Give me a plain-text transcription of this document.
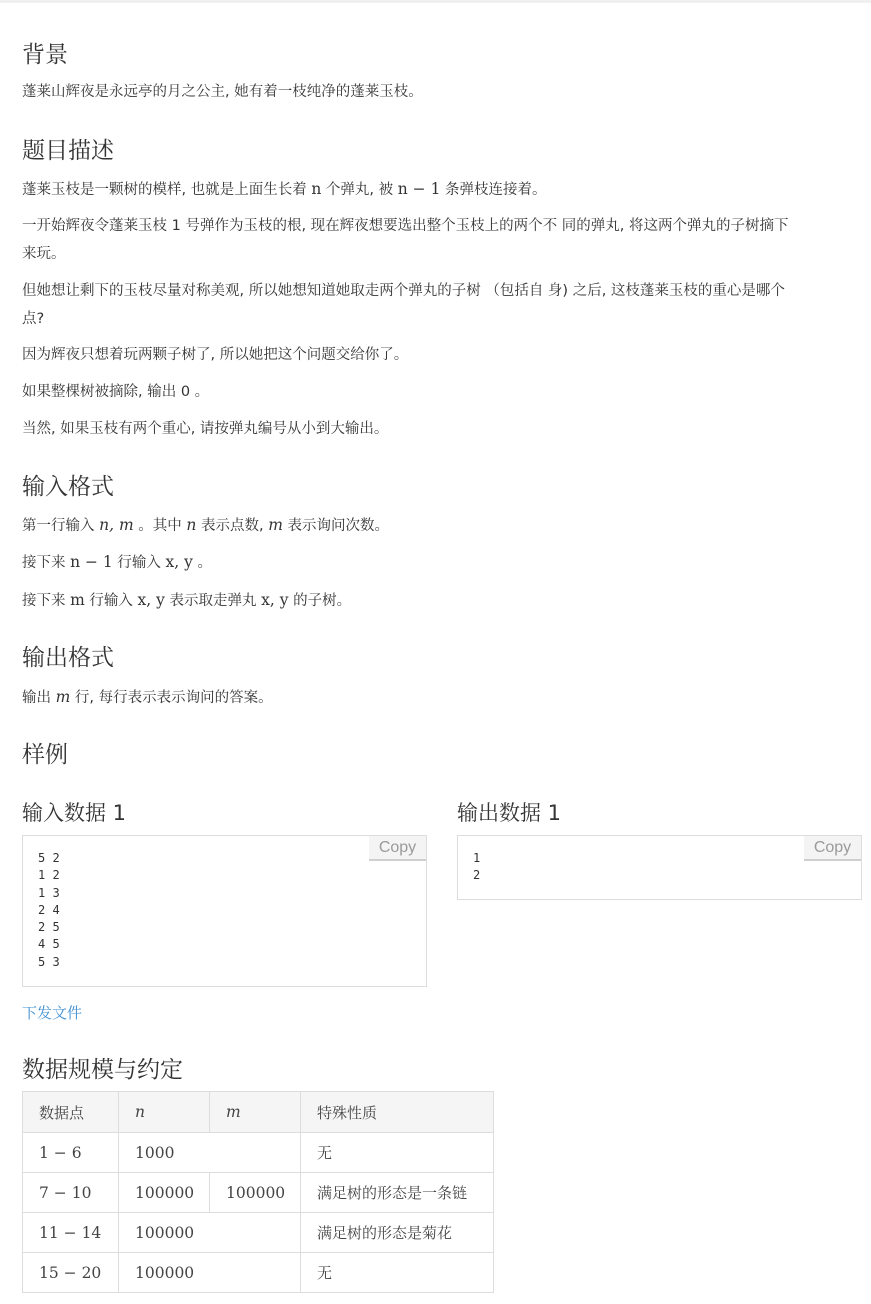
背景

蓬莱山辉夜是永远亭的月之公主, 她有着一枝纯净的蓬莱玉枝。

题目描述

蓬莱玉枝是一颗树的模样, 也就是上面生长着 n 个弹丸, 被 n − 1 条弹枝连接着。

一开始辉夜令蓬莱玉枝 1 号弹作为玉枝的根, 现在辉夜想要选出整个玉枝上的两个不 同的弹丸, 将这两个弹丸的子树摘下

来玩。

但她想让剩下的玉枝尽量对称美观, 所以她想知道她取走两个弹丸的子树 （包括自 身) 之后, 这枝蓬莱玉枝的重心是哪个

点?

因为辉夜只想着玩两颗子树了, 所以她把这个问题交给你了。

如果整棵树被摘除, 输出 0 。

当然, 如果玉枝有两个重心, 请按弹丸编号从小到大输出。

输入格式

第一行输入 n, m 。其中 n 表示点数, m 表示询问次数。

接下来 n − 1 行输入 x, y 。

接下来 m 行输入 x, y 表示取走弹丸 x, y 的子树。

输出格式

输出 m 行, 每行表示表示询问的答案。

样例
输入数据 1	输出数据 1
5 2
1 2
1 3
2 4
2 5
4 5
5 3
Copy
1
2
Copy
下发文件
数据规模与约定
数据点	n	m	特殊性质
1 − 6	1000		无
7 − 10	100000	100000	满足树的形态是一条链
11 − 14	100000		满足树的形态是菊花
15 − 20	100000		无
